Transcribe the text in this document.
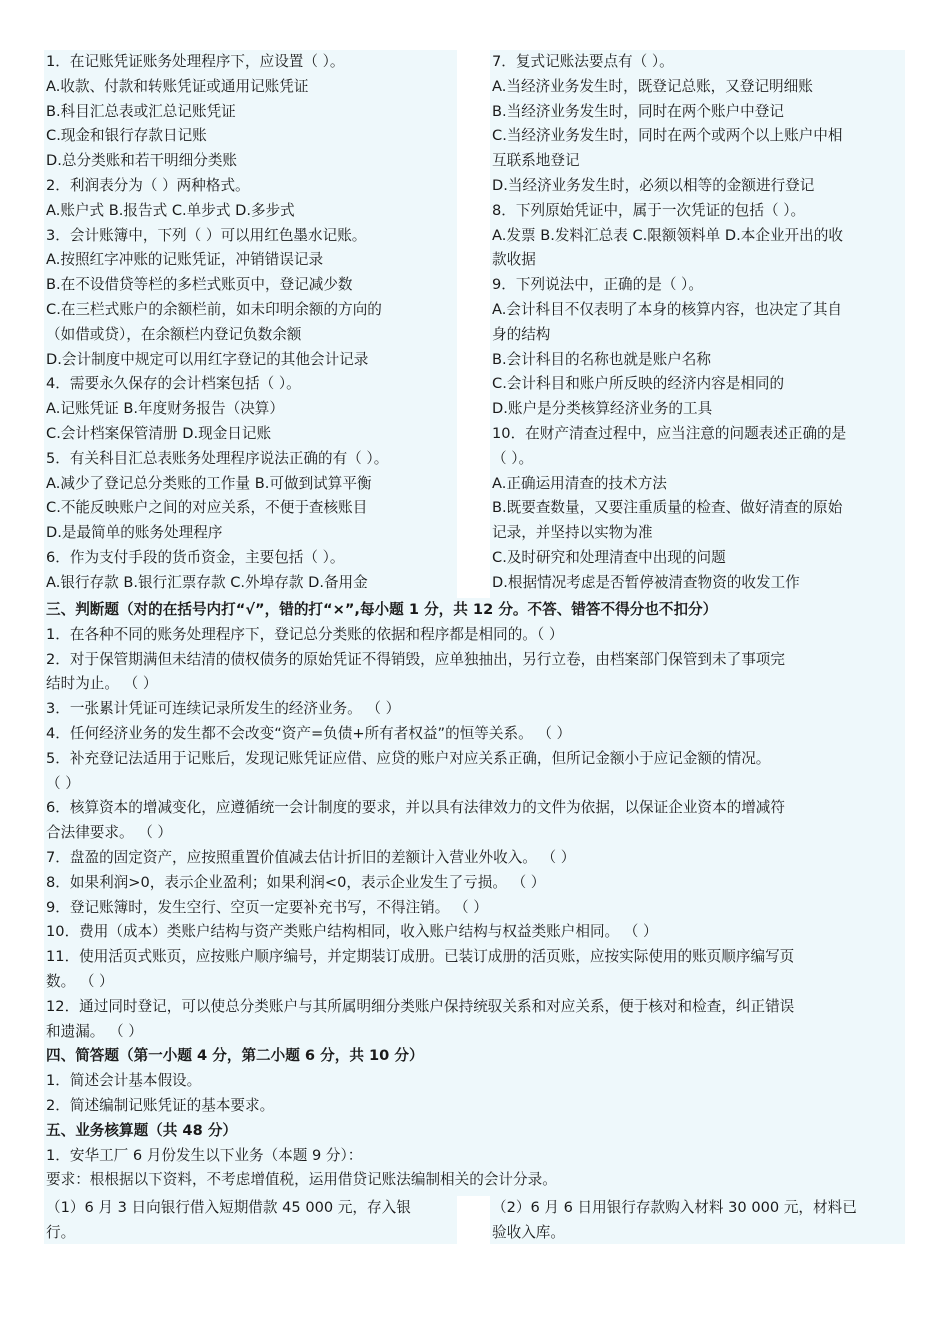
1．在记账凭证账务处理程序下，应设置（ ）。
A.收款、付款和转账凭证或通用记账凭证
B.科目汇总表或汇总记账凭证
C.现金和银行存款日记账
D.总分类账和若干明细分类账
2．利润表分为（ ）两种格式。
A.账户式 B.报告式 C.单步式 D.多步式
3．会计账簿中，下列（ ）可以用红色墨水记账。
A.按照红字冲账的记账凭证，冲销错误记录
B.在不设借贷等栏的多栏式账页中，登记减少数
C.在三栏式账户的余额栏前，如未印明余额的方向的
（如借或贷），在余额栏内登记负数余额
D.会计制度中规定可以用红字登记的其他会计记录
4．需要永久保存的会计档案包括（ ）。
A.记账凭证 B.年度财务报告（决算）
C.会计档案保管清册 D.现金日记账
5．有关科目汇总表账务处理程序说法正确的有（ ）。
A.减少了登记总分类账的工作量 B.可做到试算平衡
C.不能反映账户之间的对应关系，不便于查核账目
D.是最简单的账务处理程序
6．作为支付手段的货币资金，主要包括（ ）。
A.银行存款 B.银行汇票存款 C.外埠存款 D.备用金
7．复式记账法要点有（ ）。
A.当经济业务发生时，既登记总账，又登记明细账
B.当经济业务发生时，同时在两个账户中登记
C.当经济业务发生时，同时在两个或两个以上账户中相
互联系地登记
D.当经济业务发生时，必须以相等的金额进行登记
8．下列原始凭证中，属于一次凭证的包括（ ）。
A.发票 B.发料汇总表 C.限额领料单 D.本企业开出的收
款收据
9．下列说法中，正确的是（ ）。
A.会计科目不仅表明了本身的核算内容，也决定了其自
身的结构
B.会计科目的名称也就是账户名称
C.会计科目和账户所反映的经济内容是相同的
D.账户是分类核算经济业务的工具
10．在财产清查过程中，应当注意的问题表述正确的是
（ ）。
A.正确运用清查的技术方法
B.既要查数量，又要注重质量的检查、做好清查的原始
记录，并坚持以实物为准
C.及时研究和处理清查中出现的问题
D.根据情况考虑是否暂停被清查物资的收发工作
三、判断题（对的在括号内打“√”，错的打“×”,每小题 1 分，共 12 分。不答、错答不得分也不扣分）
1．在各种不同的账务处理程序下，登记总分类账的依据和程序都是相同的。（ ）
2．对于保管期满但未结清的债权债务的原始凭证不得销毁，应单独抽出，另行立卷，由档案部门保管到未了事项完
结时为止。 （ ）
3．一张累计凭证可连续记录所发生的经济业务。 （ ）
4．任何经济业务的发生都不会改变“资产=负债+所有者权益”的恒等关系。 （ ）
5．补充登记法适用于记账后，发现记账凭证应借、应贷的账户对应关系正确，但所记金额小于应记金额的情况。
（ ）
6．核算资本的增减变化，应遵循统一会计制度的要求，并以具有法律效力的文件为依据，以保证企业资本的增减符
合法律要求。 （ ）
7．盘盈的固定资产，应按照重置价值减去估计折旧的差额计入营业外收入。 （ ）
8．如果利润>0，表示企业盈利；如果利润<0，表示企业发生了亏损。 （ ）
9．登记账簿时，发生空行、空页一定要补充书写，不得注销。 （ ）
10．费用（成本）类账户结构与资产类账户结构相同，收入账户结构与权益类账户相同。 （ ）
11．使用活页式账页，应按账户顺序编号，并定期装订成册。已装订成册的活页账，应按实际使用的账页顺序编写页
数。 （ ）
12．通过同时登记，可以使总分类账户与其所属明细分类账户保持统驭关系和对应关系，便于核对和检查，纠正错误
和遗漏。 （ ）
四、简答题（第一小题 4 分，第二小题 6 分，共 10 分）
1．简述会计基本假设。
2．简述编制记账凭证的基本要求。
五、业务核算题（共 48 分）
1．安华工厂 6 月份发生以下业务（本题 9 分）：
要求：根根据以下资料，不考虑增值税，运用借贷记账法编制相关的会计分录。
（1）6 月 3 日向银行借入短期借款 45 000 元，存入银
行。
（2）6 月 6 日用银行存款购入材料 30 000 元，材料已
验收入库。
